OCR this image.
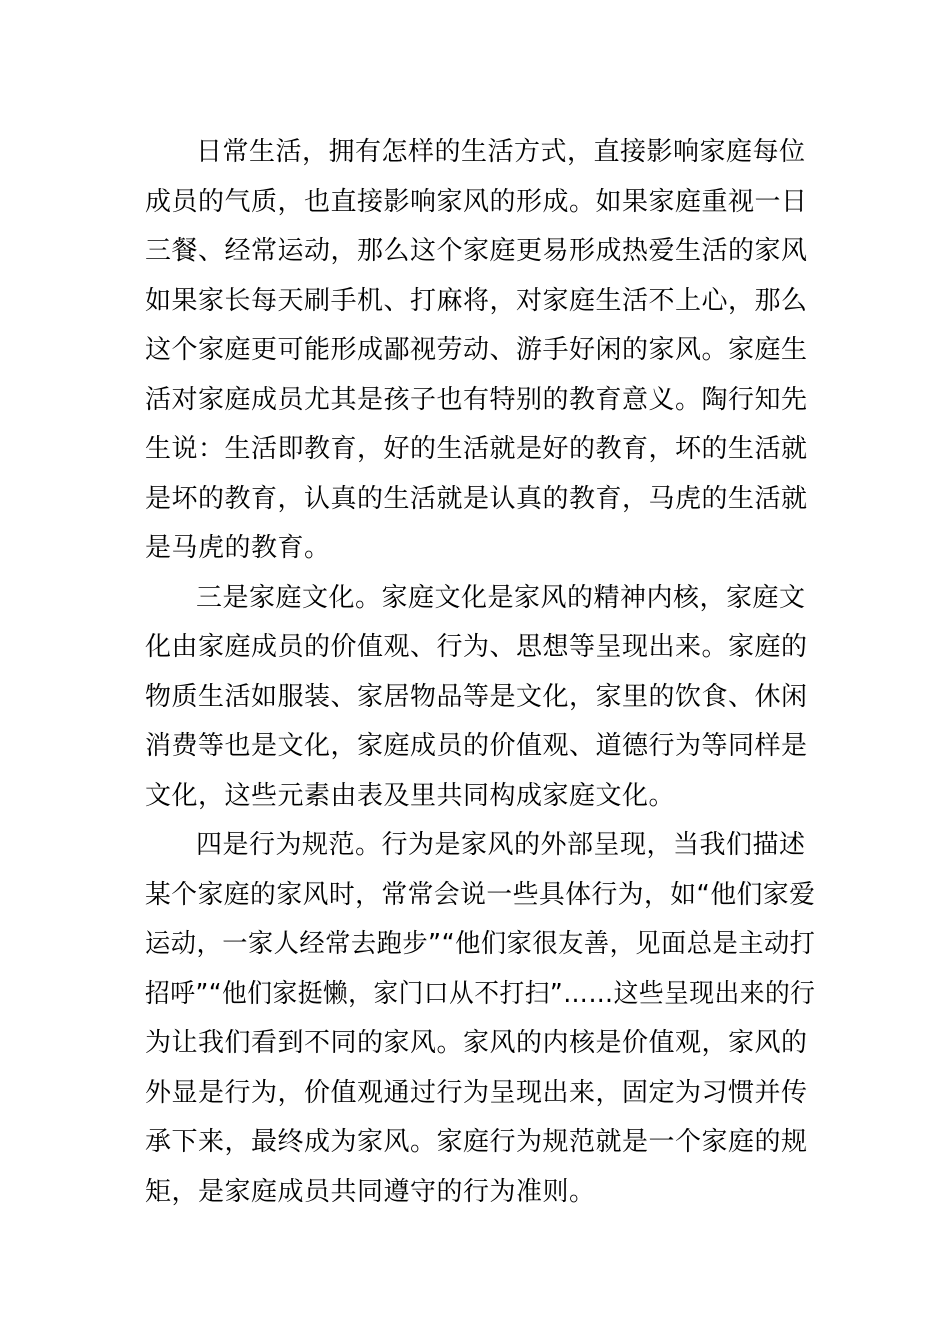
日常生活，拥有怎样的生活方式，直接影响家庭每位
成员的气质，也直接影响家风的形成。如果家庭重视一日
三餐、经常运动，那么这个家庭更易形成热爱生活的家风
如果家长每天刷手机、打麻将，对家庭生活不上心，那么
这个家庭更可能形成鄙视劳动、游手好闲的家风。家庭生
活对家庭成员尤其是孩子也有特别的教育意义。陶行知先
生说：生活即教育，好的生活就是好的教育，坏的生活就
是坏的教育，认真的生活就是认真的教育，马虎的生活就
是马虎的教育。
三是家庭文化。家庭文化是家风的精神内核，家庭文
化由家庭成员的价值观、行为、思想等呈现出来。家庭的
物质生活如服装、家居物品等是文化，家里的饮食、休闲
消费等也是文化，家庭成员的价值观、道德行为等同样是
文化，这些元素由表及里共同构成家庭文化。
四是行为规范。行为是家风的外部呈现，当我们描述
某个家庭的家风时，常常会说一些具体行为，如“他们家爱
运动，一家人经常去跑步”“他们家很友善，见面总是主动打
招呼”“他们家挺懒，家门口从不打扫”……这些呈现出来的行
为让我们看到不同的家风。家风的内核是价值观，家风的
外显是行为，价值观通过行为呈现出来，固定为习惯并传
承下来，最终成为家风。家庭行为规范就是一个家庭的规
矩，是家庭成员共同遵守的行为准则。
